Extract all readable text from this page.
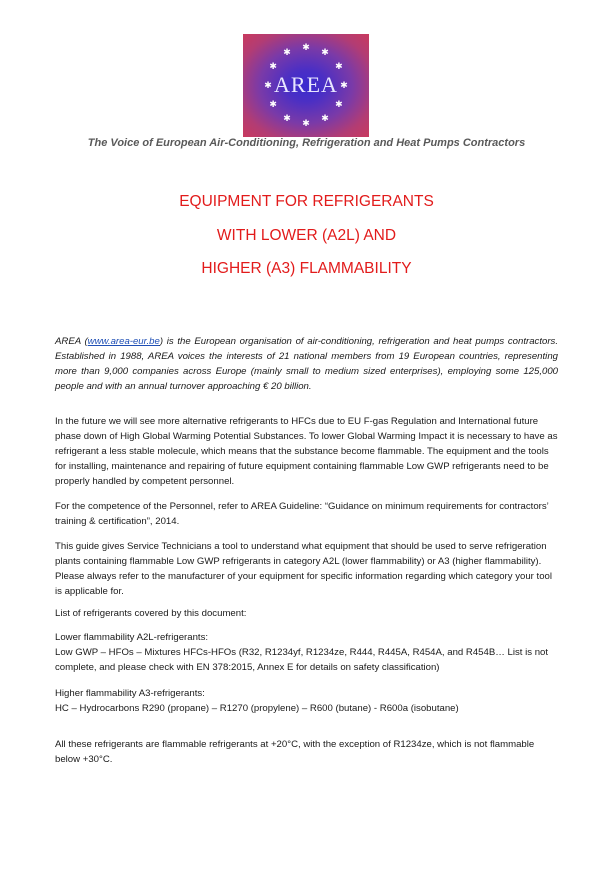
✱
✱
✱
✱
✱
✱
✱
✱
✱
✱
✱
✱
AREA
The Voice of European Air-Conditioning, Refrigeration and Heat Pumps Contractors
EQUIPMENT FOR REFRIGERANTS
WITH LOWER (A2L) AND
HIGHER (A3) FLAMMABILITY
AREA (www.area-eur.be) is the European organisation of air-conditioning, refrigeration and heat pumps contractors. Established in 1988, AREA voices the interests of 21 national members from 19 European countries, representing more than 9,000 companies across Europe (mainly small to medium sized enterprises), employing some 125,000 people and with an annual turnover approaching € 20 billion.
In the future we will see more alternative refrigerants to HFCs due to EU F-gas Regulation and International future phase down of High Global Warming Potential Substances. To lower Global Warming Impact it is necessary to have as refrigerant a less stable molecule, which means that the substance become flammable. The equipment and the tools for installing, maintenance and repairing of future equipment containing flammable Low GWP refrigerants need to be properly handled by competent personnel.
For the competence of the Personnel, refer to AREA Guideline: “Guidance on minimum requirements for contractors’ training & certification”, 2014.
This guide gives Service Technicians a tool to understand what equipment that should be used to serve refrigeration plants containing flammable Low GWP refrigerants in category A2L (lower flammability) or A3 (higher flammability). Please always refer to the manufacturer of your equipment for specific information regarding which category your tool is applicable for.
List of refrigerants covered by this document:
Lower flammability A2L-refrigerants:
Low GWP – HFOs – Mixtures HFCs-HFOs (R32, R1234yf, R1234ze, R444, R445A, R454A, and R454B… List is not complete, and please check with EN 378:2015, Annex E for details on safety classification)
Higher flammability A3-refrigerants:
HC – Hydrocarbons R290 (propane) – R1270 (propylene) – R600 (butane) - R600a (isobutane)
All these refrigerants are flammable refrigerants at +20°C, with the exception of R1234ze, which is not flammable below +30°C.
